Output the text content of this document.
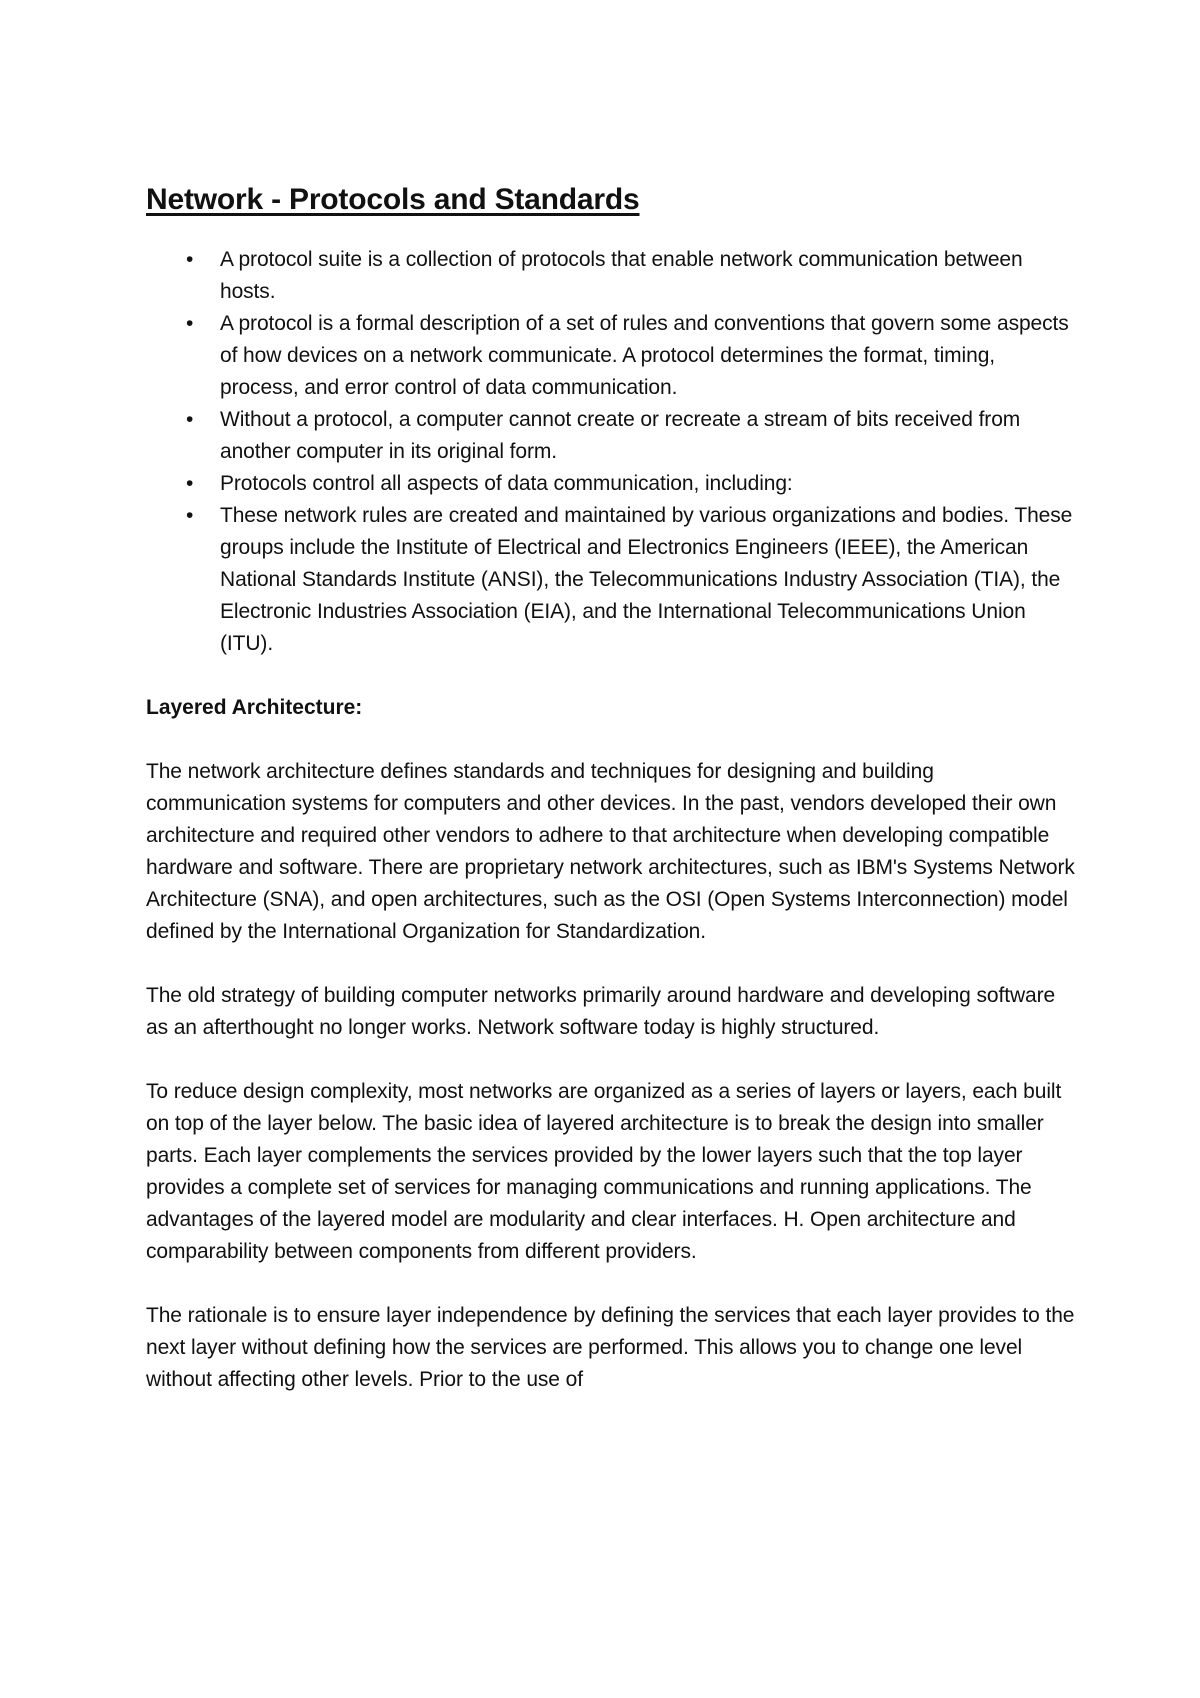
Network - Protocols and Standards
• A protocol suite is a collection of protocols that enable network communication between hosts.
• A protocol is a formal description of a set of rules and conventions that govern some aspects of how devices on a network communicate. A protocol determines the format, timing, process, and error control of data communication.
• Without a protocol, a computer cannot create or recreate a stream of bits received from another computer in its original form.
• Protocols control all aspects of data communication, including:
• These network rules are created and maintained by various organizations and bodies. These groups include the Institute of Electrical and Electronics Engineers (IEEE), the American National Standards Institute (ANSI), the Telecommunications Industry Association (TIA), the Electronic Industries Association (EIA), and the International Telecommunications Union (ITU).
Layered Architecture:

The network architecture defines standards and techniques for designing and building communication systems for computers and other devices. In the past, vendors developed their own architecture and required other vendors to adhere to that architecture when developing compatible hardware and software. There are proprietary network architectures, such as IBM's Systems Network Architecture (SNA), and open architectures, such as the OSI (Open Systems Interconnection) model defined by the International Organization for Standardization.

The old strategy of building computer networks primarily around hardware and developing software as an afterthought no longer works. Network software today is highly structured.

To reduce design complexity, most networks are organized as a series of layers or layers, each built on top of the layer below. The basic idea of layered architecture is to break the design into smaller parts. Each layer complements the services provided by the lower layers such that the top layer provides a complete set of services for managing communications and running applications. The advantages of the layered model are modularity and clear interfaces. H. Open architecture and comparability between components from different providers.

The rationale is to ensure layer independence by defining the services that each layer provides to the next layer without defining how the services are performed. This allows you to change one level without affecting other levels. Prior to the use of
